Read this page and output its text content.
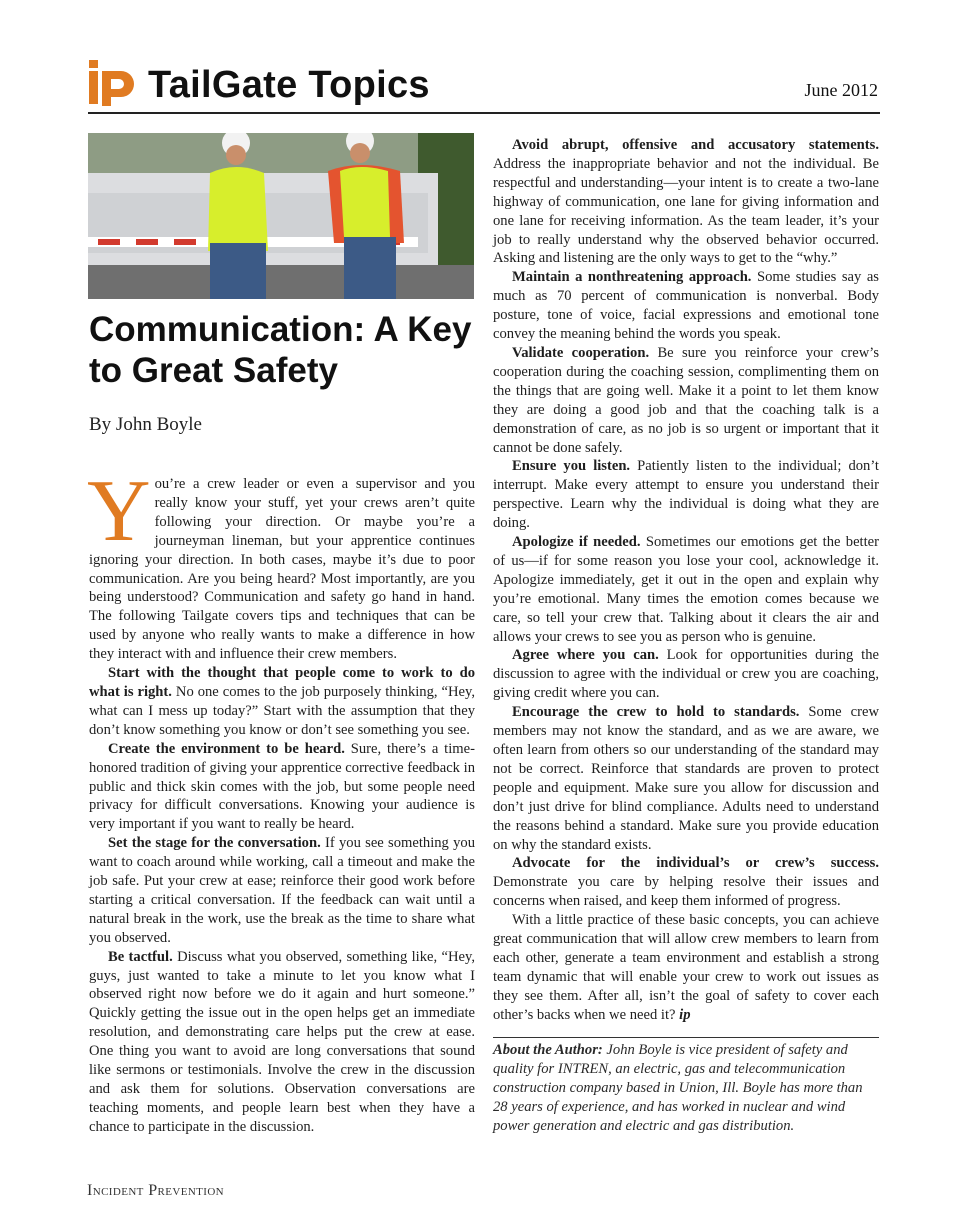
TailGate Topics	June 2012
Communication: A Key to Great Safety
By John Boyle

You’re a crew leader or even a supervisor and you really know your stuff, yet your crews aren’t quite following your direction. Or maybe you’re a journeyman lineman, but your apprentice continues ignoring your direction. In both cases, maybe it’s due to poor communication. Are you being heard? Most importantly, are you being understood? Communication and safety go hand in hand. The following Tailgate covers tips and techniques that can be used by anyone who really wants to make a difference in how they interact with and influence their crew members.

Start with the thought that people come to work to do what is right. No one comes to the job purposely thinking, “Hey, what can I mess up today?” Start with the assumption that they don’t know something you know or don’t see something you see.

Create the environment to be heard. Sure, there’s a time-honored tradition of giving your apprentice corrective feedback in public and thick skin comes with the job, but some people need privacy for difficult conversations. Knowing your audience is very important if you want to really be heard.

Set the stage for the conversation. If you see something you want to coach around while working, call a timeout and make the job safe. Put your crew at ease; reinforce their good work before starting a critical conversation. If the feedback can wait until a natural break in the work, use the break as the time to share what you observed.

Be tactful. Discuss what you observed, something like, “Hey, guys, just wanted to take a minute to let you know what I observed right now before we do it again and hurt someone.” Quickly getting the issue out in the open helps get an immediate resolution, and demonstrating care helps put the crew at ease. One thing you want to avoid are long conversations that sound like sermons or testimonials. Involve the crew in the discussion and ask them for solutions. Observation conversations are teaching moments, and people learn best when they have a chance to participate in the discussion.

Avoid abrupt, offensive and accusatory statements. Address the inappropriate behavior and not the individual. Be respectful and understanding—your intent is to create a two-lane highway of communication, one lane for giving information and one lane for receiving information. As the team leader, it’s your job to really understand why the observed behavior occurred. Asking and listening are the only ways to get to the “why.”

Maintain a nonthreatening approach. Some studies say as much as 70 percent of communication is nonverbal. Body posture, tone of voice, facial expressions and emotional tone convey the meaning behind the words you speak.

Validate cooperation. Be sure you reinforce your crew’s cooperation during the coaching session, complimenting them on the things that are going well. Make it a point to let them know they are doing a good job and that the coaching talk is a demonstration of care, as no job is so urgent or important that it cannot be done safely.

Ensure you listen. Patiently listen to the individual; don’t interrupt. Make every attempt to ensure you understand their perspective. Learn why the individual is doing what they are doing.

Apologize if needed. Sometimes our emotions get the better of us—if for some reason you lose your cool, acknowledge it. Apologize immediately, get it out in the open and explain why you’re emotional. Many times the emotion comes because we care, so tell your crew that. Talking about it clears the air and allows your crews to see you as person who is genuine.

Agree where you can. Look for opportunities during the discussion to agree with the individual or crew you are coaching, giving credit where you can.

Encourage the crew to hold to standards. Some crew members may not know the standard, and as we are aware, we often learn from others so our understanding of the standard may not be correct. Reinforce that standards are proven to protect people and equipment. Make sure you allow for discussion and don’t just drive for blind compliance. Adults need to understand the reasons behind a standard. Make sure you provide education on why the standard exists.

Advocate for the individual’s or crew’s success. Demonstrate you care by helping resolve their issues and concerns when raised, and keep them informed of progress.

With a little practice of these basic concepts, you can achieve great communication that will allow crew members to learn from each other, generate a team environment and establish a strong team dynamic that will enable your crew to work out issues as they see them. After all, isn’t the goal of safety to cover each other’s backs when we need it? ip

About the Author: John Boyle is vice president of safety and quality for INTREN, an electric, gas and telecommunication construction company based in Union, Ill. Boyle has more than 28 years of experience, and has worked in nuclear and wind power generation and electric and gas distribution.
Incident Prevention
